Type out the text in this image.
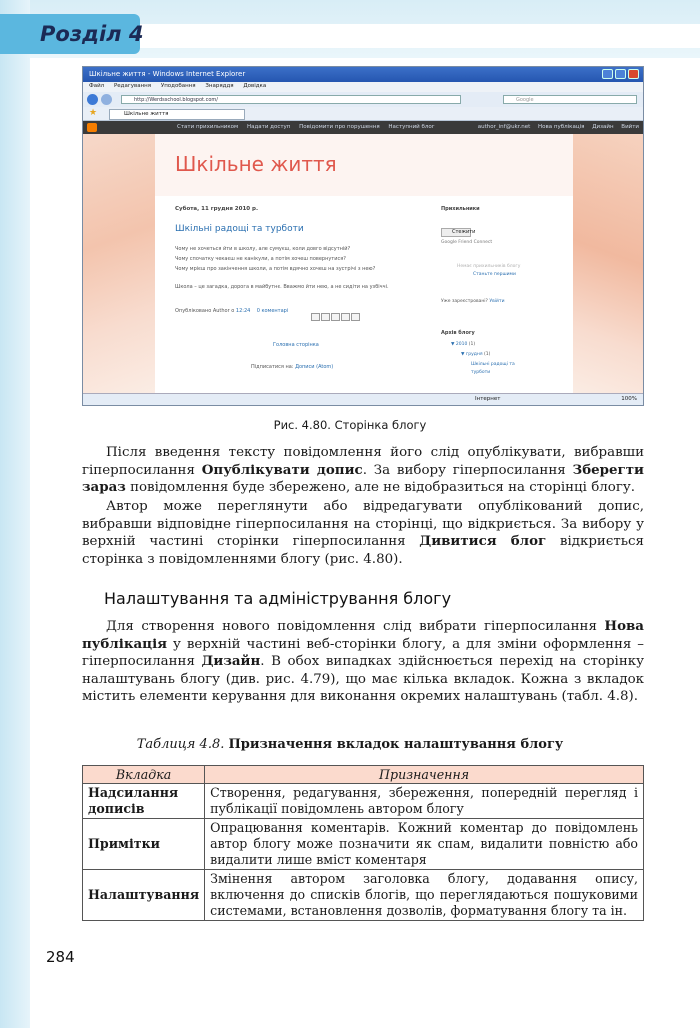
Розділ 4
Шкільне життя - Windows Internet Explorer
Файл Редагування Уподобання Знаряддя Довідка
http://Werdsschool.blogspot.com/	Google
★	Шкільне життя
Стати прихильником Надати доступ Повідомити про порушення Наступний блог	author_inf@ukr.net Нова публікація Дизайн Вийти
Шкільне життя
Субота, 11 грудня 2010 р.
Шкільні радощі та турботи
Чому не хочеться йти в школу, але сумуєш, коли довго відсутній?
Чому спочатку чекаєш не канікули, а потім хочеш повернутися?
Чому мрієш про закінчення школи, а потім вдячно хочеш на зустрічі з нею?
Школа – це загадка, дорога в майбутнє. Вважмо йти нею, а не сидіти на узбіччі.
Опубліковано Author о 12:24 0 коментарі
Головна сторінка
Підписатися на: Дописи (Atom)
Прихильники
Стежити
Google Friend Connect
Немає прихильників блогу
Станьте першими
Уже зареєстровані? Увійти
Архів блогу
▼ 2010 (1)
▼ грудня (1)
Шкільні радощі та
турботи
Інтернет	100%
Рис. 4.80. Сторінка блогу

Після введення тексту повідомлення його слід опублікувати, вибравши гіперпосилання Опублікувати допис. За вибору гіперпосилання Зберегти зараз повідомлення буде збережено, але не відобразиться на сторінці блогу.

Автор може переглянути або відредагувати опублікований допис, вибравши відповідне гіперпосилання на сторінці, що відкриється. За вибору у верхній частині сторінки гіперпосилання Дивитися блог відкриється сторінка з повідомленнями блогу (рис. 4.80).

Налаштування та адміністрування блогу

Для створення нового повідомлення слід вибрати гіперпосилання Нова публікація у верхній частині веб-сторінки блогу, а для зміни оформлення – гіперпосилання Дизайн. В обох випадках здійснюється перехід на сторінку налаштувань блогу (див. рис. 4.79), що має кілька вкладок. Кожна з вкладок містить елементи керування для виконання окремих налаштувань (табл. 4.8).

Таблиця 4.8. Призначення вкладок налаштування блогу
Вкладка	Призначення
Надсилання дописів	Створення, редагування, збереження, попередній перегляд і публікації повідомлень автором блогу
Примітки	Опрацювання коментарів. Кожний коментар до повідомлень автор блогу може позначити як спам, видалити повністю або видалити лише вміст коментаря
Налаштування	Змінення автором заголовка блогу, додавання опису, включення до списків блогів, що переглядаються пошуковими системами, встановлення дозволів, форматування блогу та ін.
284
